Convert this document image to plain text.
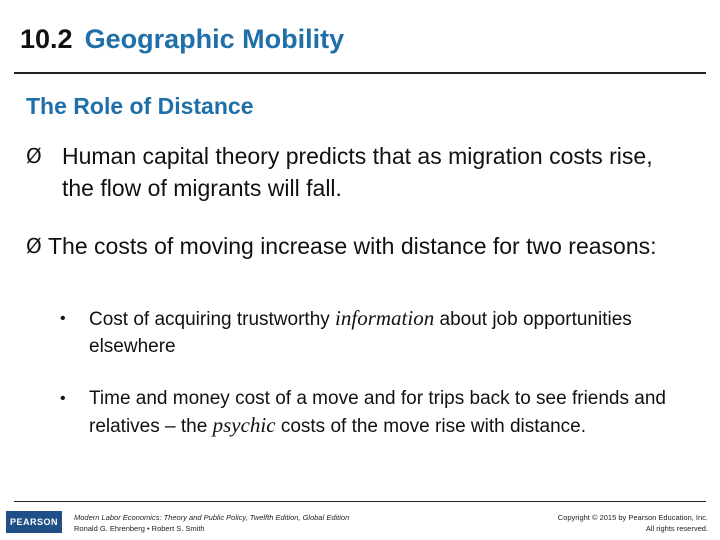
10.2 Geographic Mobility
The Role of Distance
Ø Human capital theory predicts that as migration costs rise, the flow of migrants will fall.
Ø The costs of moving increase with distance for two reasons:
• Cost of acquiring trustworthy information about job opportunities elsewhere
• Time and money cost of a move and for trips back to see friends and relatives – the psychic costs of the move rise with distance.
PEARSON	Modern Labor Economics: Theory and Public Policy, Twelfth Edition, Global Edition
Ronald G. Ehrenberg • Robert S. Smith
Copyright © 2015 by Pearson Education, Inc.
All rights reserved.
